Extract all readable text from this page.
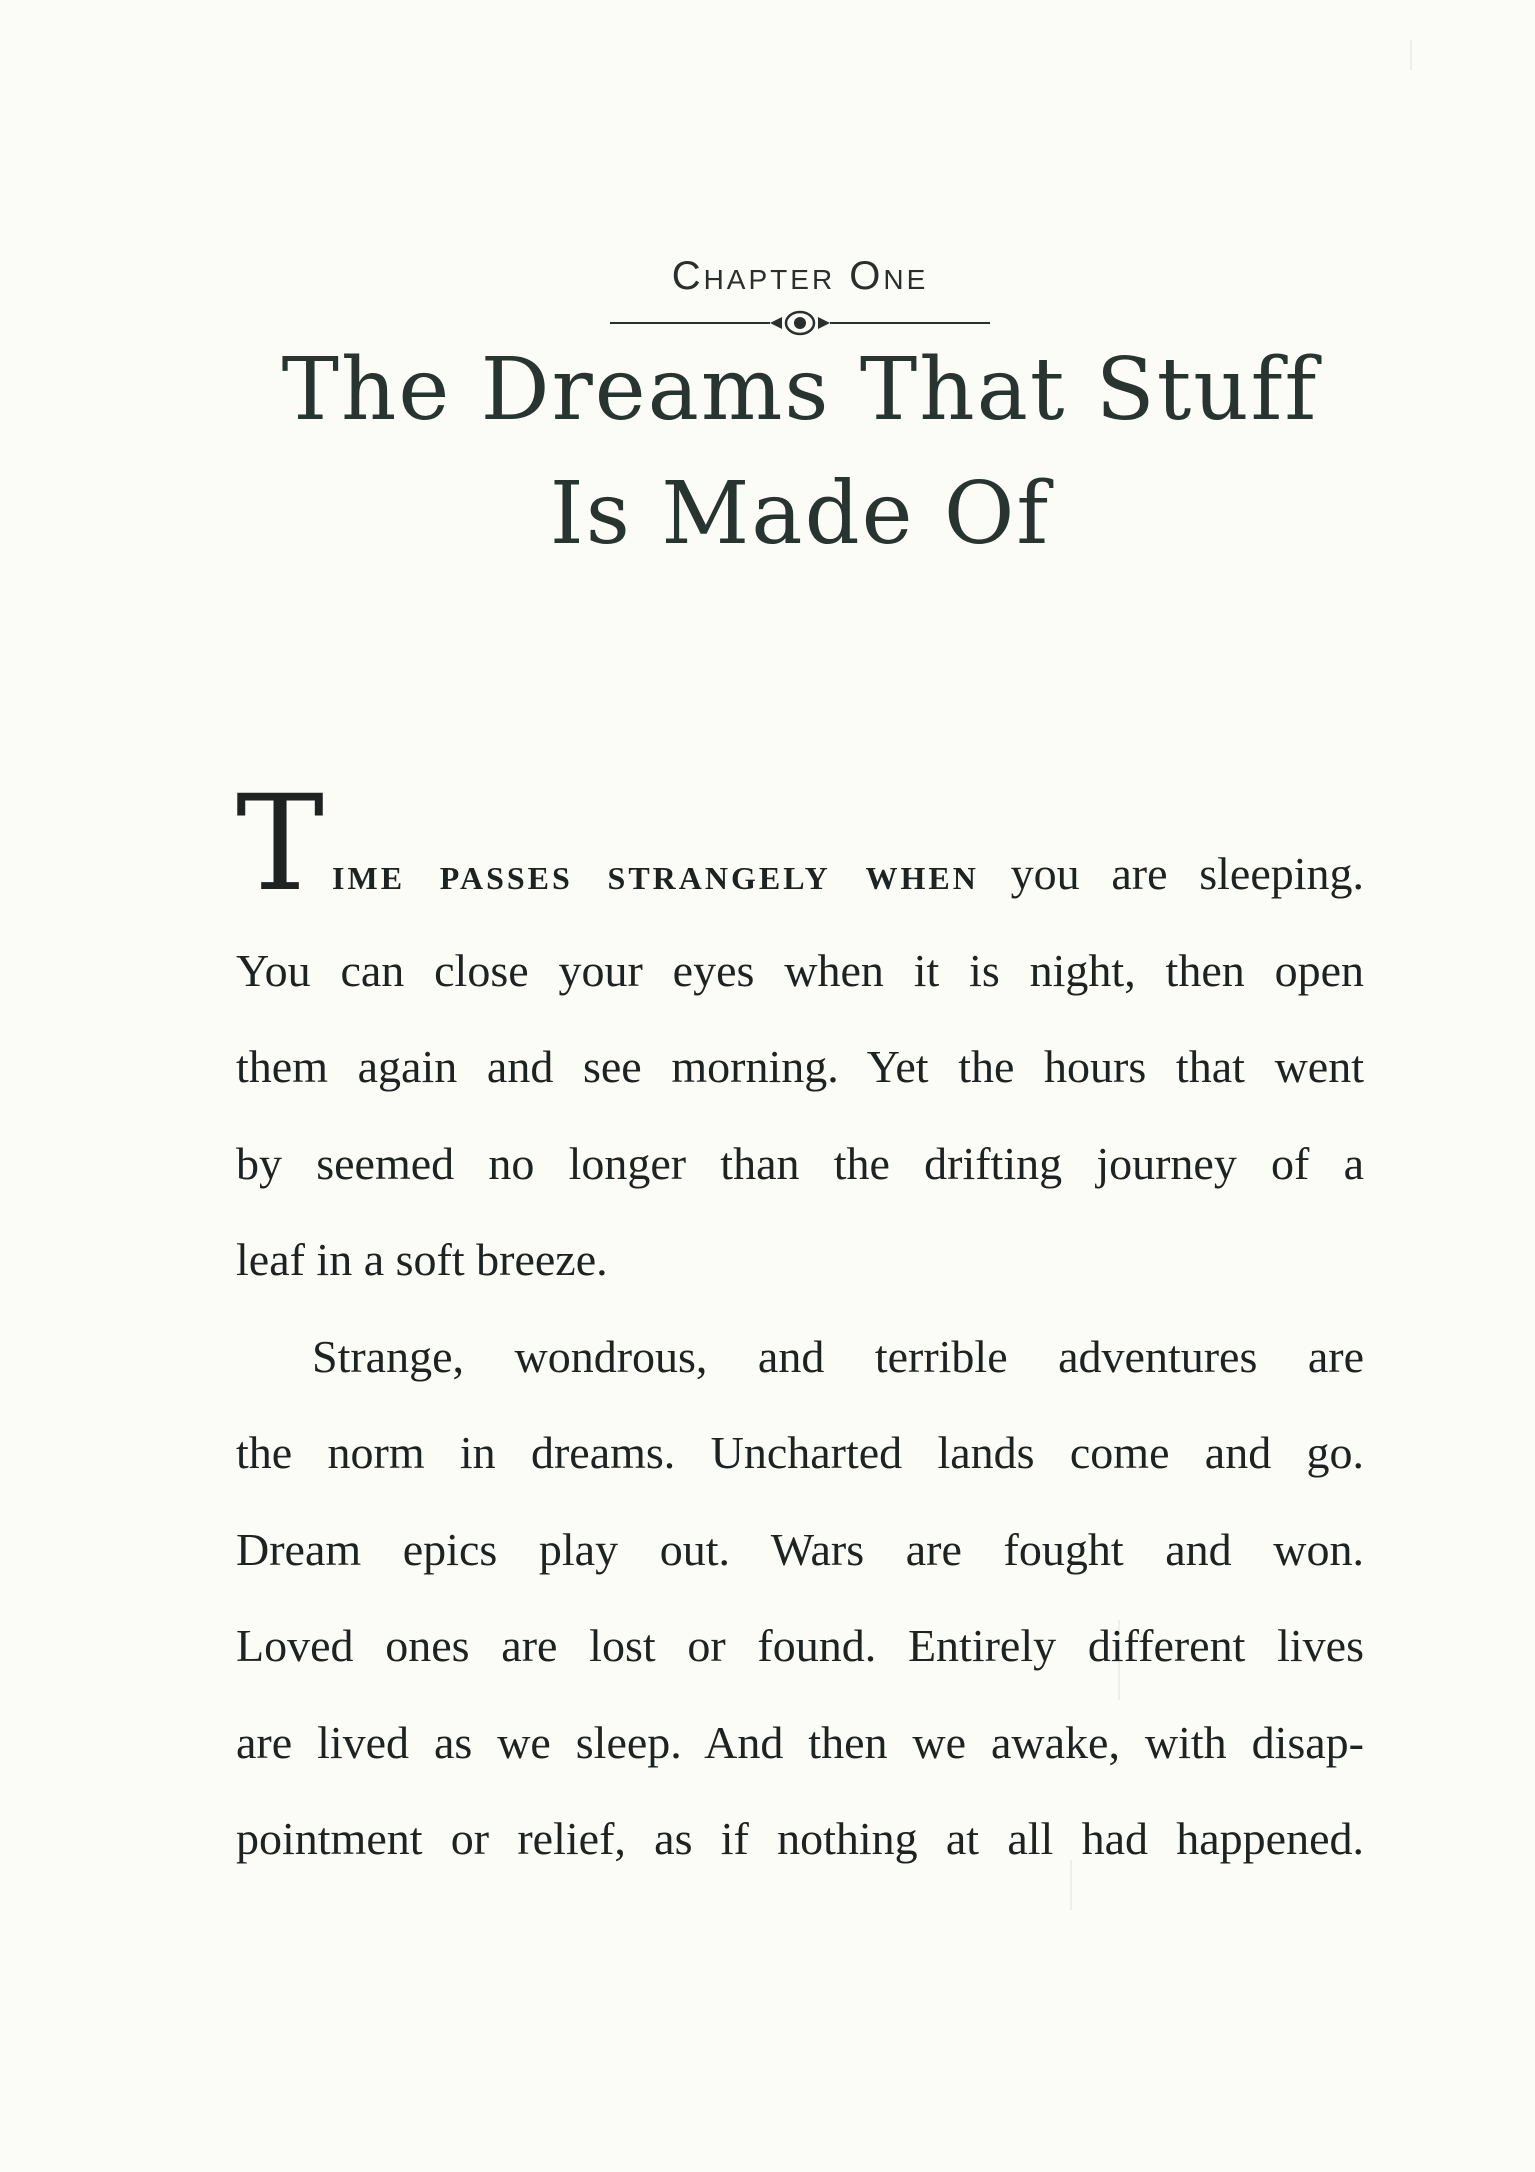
Chapter One
The Dreams That Stuff
Is Made Of

T ime passes strangely when you are sleeping.
You can close your eyes when it is night, then open
them again and see morning. Yet the hours that went
by seemed no longer than the drifting journey of a
leaf in a soft breeze.

Strange, wondrous, and terrible adventures are
the norm in dreams. Uncharted lands come and go.
Dream epics play out. Wars are fought and won.
Loved ones are lost or found. Entirely different lives
are lived as we sleep. And then we awake, with disap-
pointment or relief, as if nothing at all had happened.
